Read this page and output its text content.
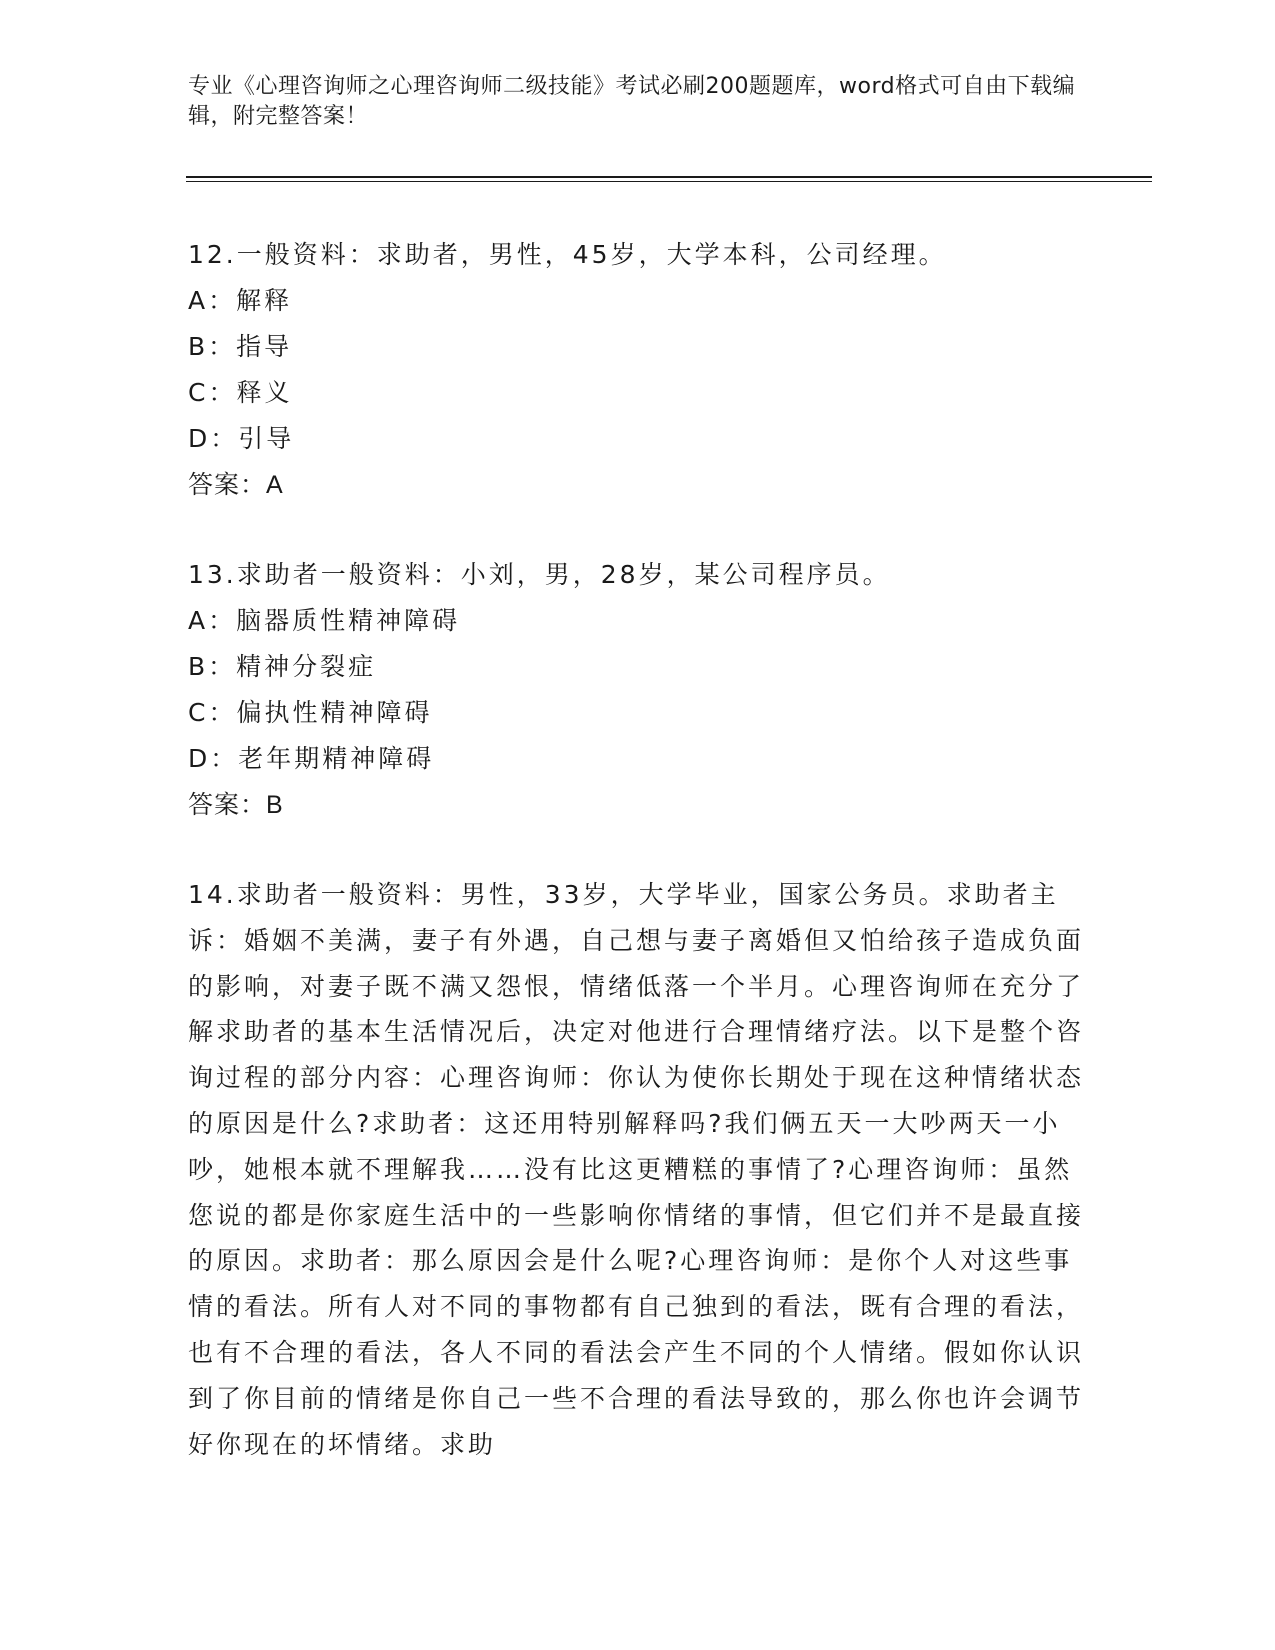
专业《心理咨询师之心理咨询师二级技能》考试必刷200题题库，word格式可自由下载编辑，附完整答案！
12.一般资料：求助者，男性，45岁，大学本科，公司经理。
A：解释
B：指导
C：释义
D：引导
答案：A
13.求助者一般资料：小刘，男，28岁，某公司程序员。
A：脑器质性精神障碍
B：精神分裂症
C：偏执性精神障碍
D：老年期精神障碍
答案：B
14.求助者一般资料：男性，33岁，大学毕业，国家公务员。求助者主诉：婚姻不美满，妻子有外遇，自己想与妻子离婚但又怕给孩子造成负面的影响，对妻子既不满又怨恨，情绪低落一个半月。心理咨询师在充分了解求助者的基本生活情况后，决定对他进行合理情绪疗法。以下是整个咨询过程的部分内容：心理咨询师：你认为使你长期处于现在这种情绪状态的原因是什么?求助者：这还用特别解释吗?我们俩五天一大吵两天一小吵，她根本就不理解我……没有比这更糟糕的事情了?心理咨询师：虽然您说的都是你家庭生活中的一些影响你情绪的事情，但它们并不是最直接的原因。求助者：那么原因会是什么呢?心理咨询师：是你个人对这些事情的看法。所有人对不同的事物都有自己独到的看法，既有合理的看法，也有不合理的看法，各人不同的看法会产生不同的个人情绪。假如你认识到了你目前的情绪是你自己一些不合理的看法导致的，那么你也许会调节好你现在的坏情绪。求助
